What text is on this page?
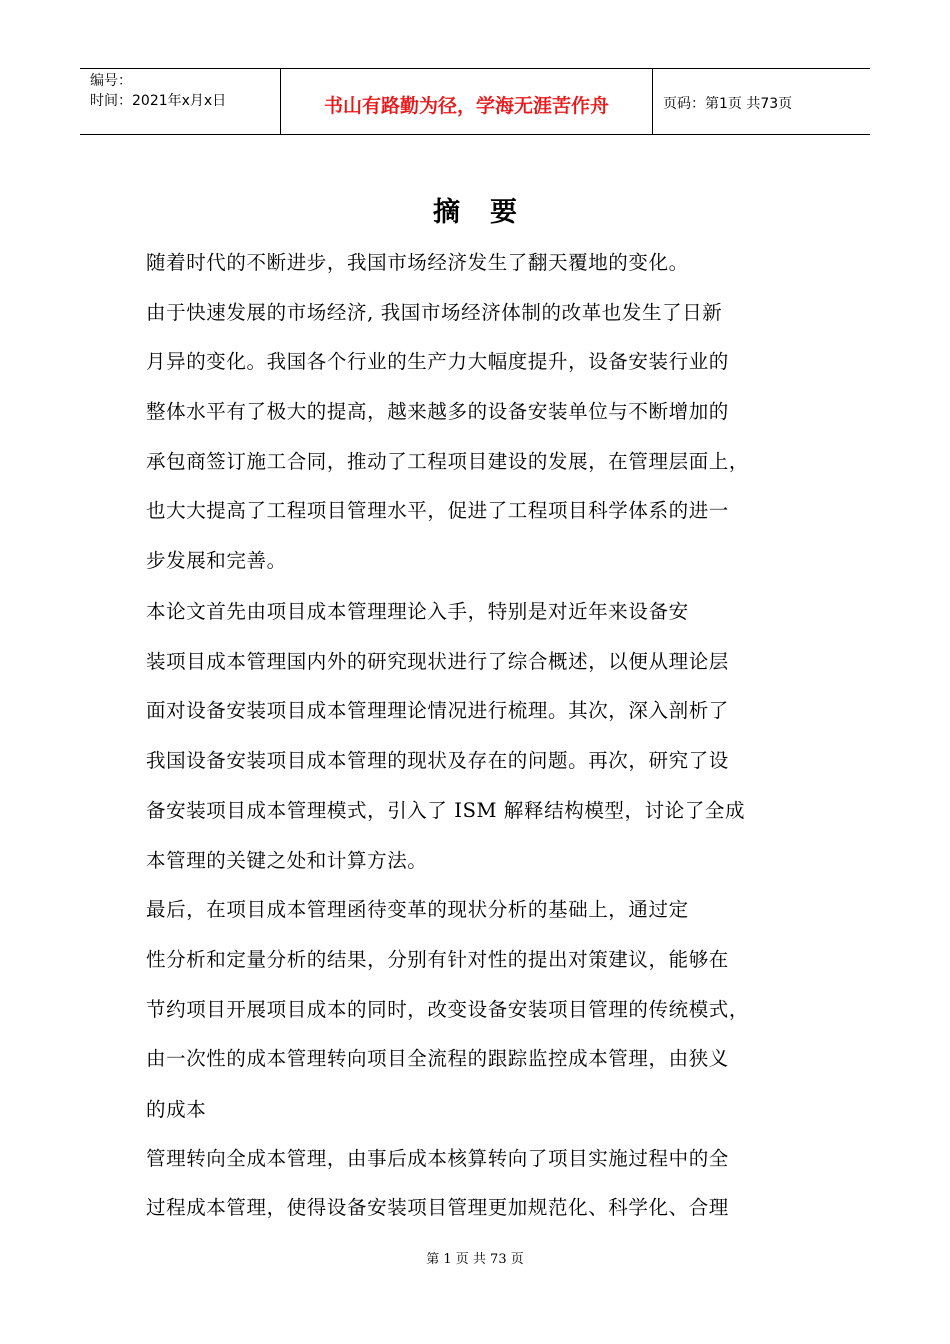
编号：
时间：2021年x月x日	书山有路勤为径，学海无涯苦作舟	页码：第1页 共73页
摘要
随着时代的不断进步，我国市场经济发生了翻天覆地的变化。
由于快速发展的市场经济, 我国市场经济体制的改革也发生了日新
月异的变化。我国各个行业的生产力大幅度提升，设备安装行业的
整体水平有了极大的提高，越来越多的设备安装单位与不断增加的
承包商签订施工合同，推动了工程项目建设的发展，在管理层面上，
也大大提高了工程项目管理水平，促进了工程项目科学体系的进一
步发展和完善。
本论文首先由项目成本管理理论入手，特别是对近年来设备安
装项目成本管理国内外的研究现状进行了综合概述，以便从理论层
面对设备安装项目成本管理理论情况进行梳理。其次，深入剖析了
我国设备安装项目成本管理的现状及存在的问题。再次，研究了设
备安装项目成本管理模式，引入了 ISM 解释结构模型，讨论了全成
本管理的关键之处和计算方法。
最后，在项目成本管理函待变革的现状分析的基础上，通过定
性分析和定量分析的结果，分别有针对性的提出对策建议，能够在
节约项目开展项目成本的同时，改变设备安装项目管理的传统模式，
由一次性的成本管理转向项目全流程的跟踪监控成本管理，由狭义
的成本
管理转向全成本管理，由事后成本核算转向了项目实施过程中的全
过程成本管理，使得设备安装项目管理更加规范化、科学化、合理
第 1 页 共 73 页
